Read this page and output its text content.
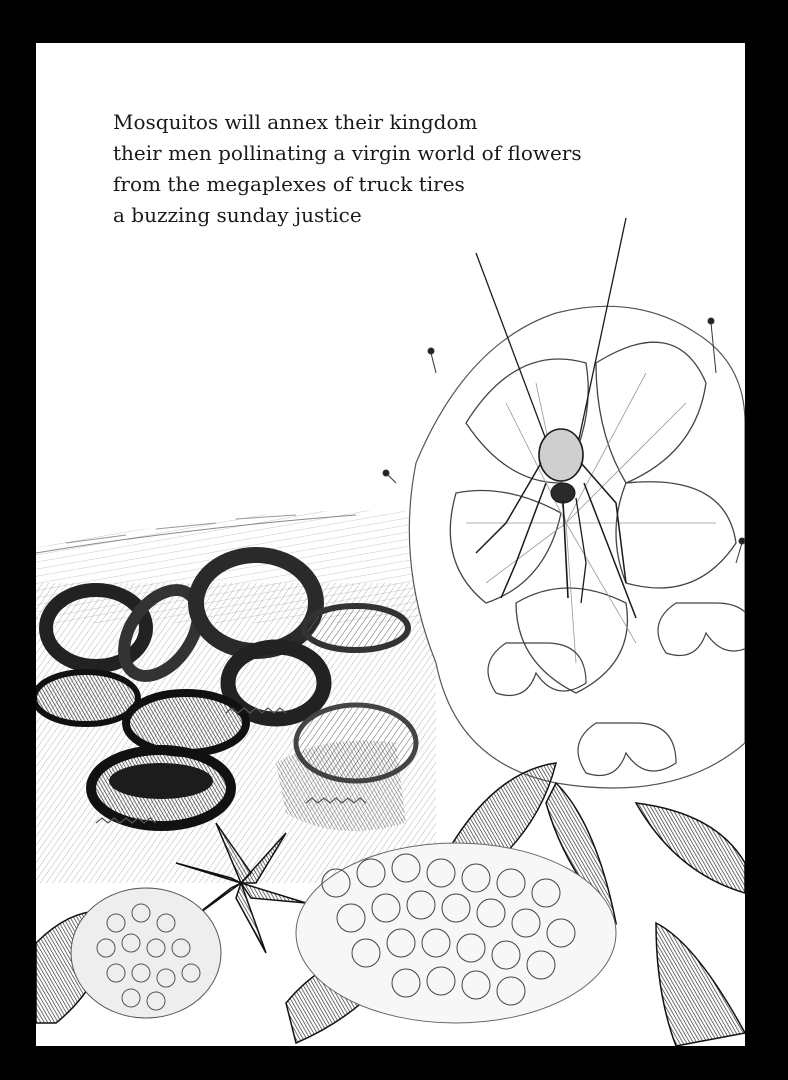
Mosquitos will annex their kingdom
their men pollinating a virgin world of flowers
from the megaplexes of truck tires
a buzzing sunday justice
